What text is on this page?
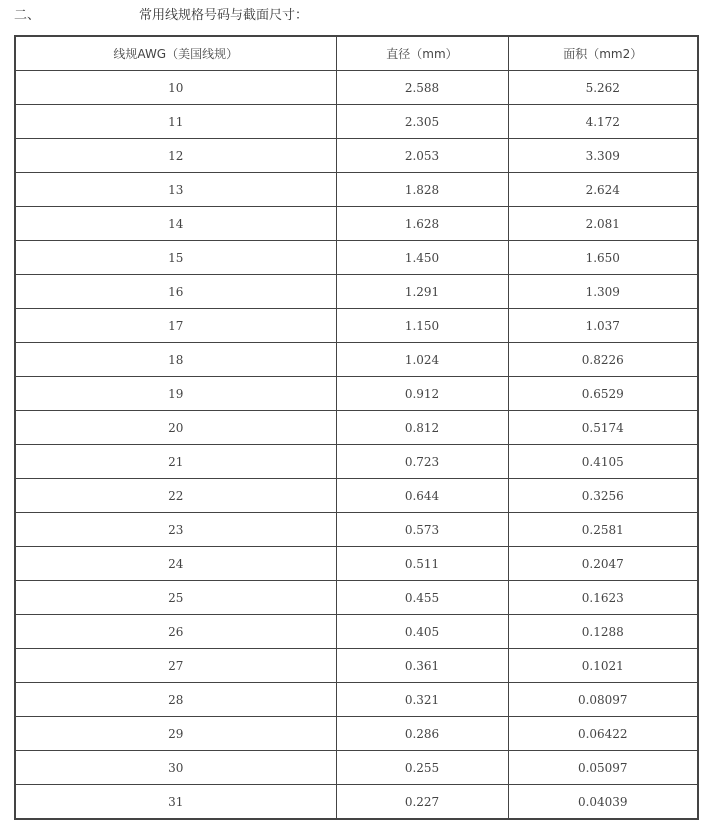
二、	常用线规格号码与截面尺寸：
线规AWG（美国线规）	直径（mm）	面积（mm2）
10	2.588	5.262
11	2.305	4.172
12	2.053	3.309
13	1.828	2.624
14	1.628	2.081
15	1.450	1.650
16	1.291	1.309
17	1.150	1.037
18	1.024	0.8226
19	0.912	0.6529
20	0.812	0.5174
21	0.723	0.4105
22	0.644	0.3256
23	0.573	0.2581
24	0.511	0.2047
25	0.455	0.1623
26	0.405	0.1288
27	0.361	0.1021
28	0.321	0.08097
29	0.286	0.06422
30	0.255	0.05097
31	0.227	0.04039
